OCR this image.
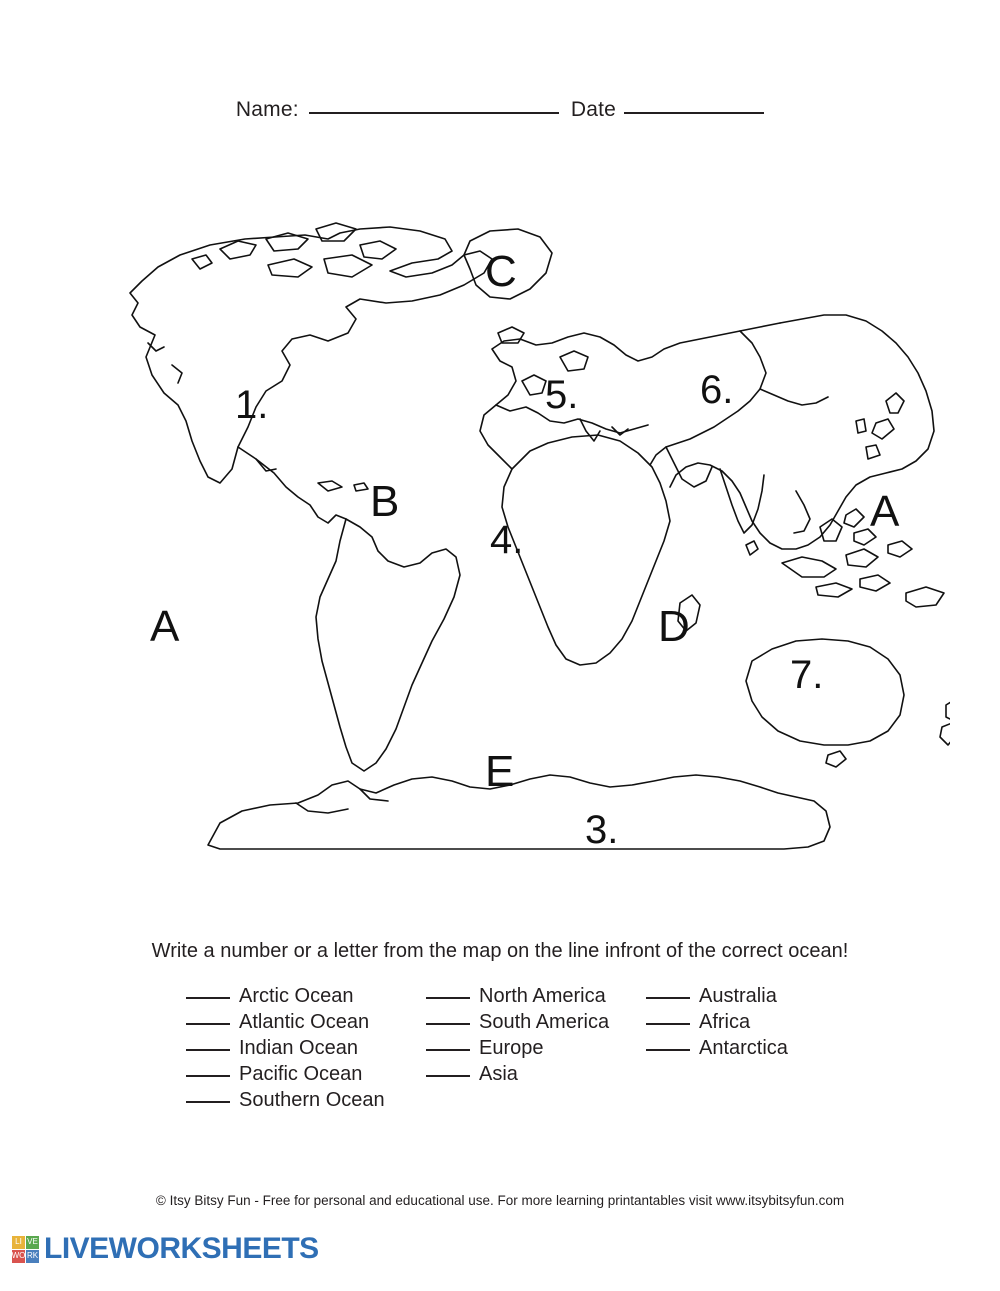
Name:	Date
C
1.	5.	6.
B	A
4.
A	D
7.
E
3.
Write a number or a letter from the map on the line infront of the correct ocean!
Arctic Ocean
Atlantic Ocean
Indian Ocean
Pacific Ocean
Southern Ocean
North America
South America
Europe
Asia
Australia
Africa
Antarctica
© Itsy Bitsy Fun - Free for personal and educational use. For more learning printantables visit www.itsybitsyfun.com
LI VE
WO RK LIVEWORKSHEETS
